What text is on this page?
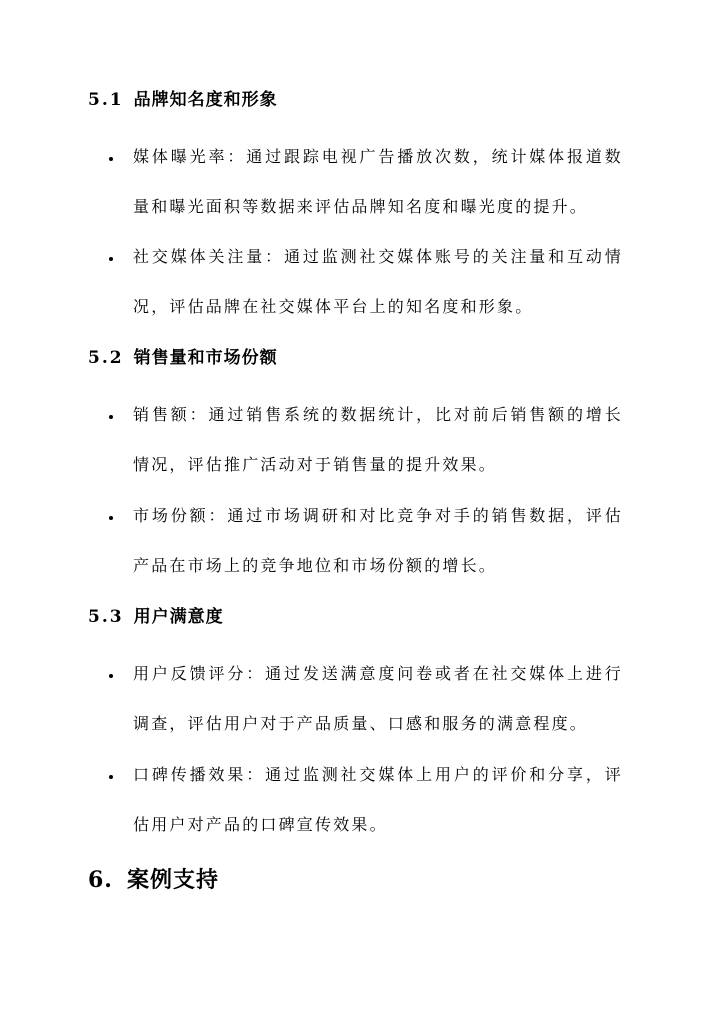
5.1 品牌知名度和形象
媒体曝光率：通过跟踪电视广告播放次数，统计媒体报道数量和曝光面积等数据来评估品牌知名度和曝光度的提升。
社交媒体关注量：通过监测社交媒体账号的关注量和互动情况，评估品牌在社交媒体平台上的知名度和形象。
5.2 销售量和市场份额
销售额：通过销售系统的数据统计，比对前后销售额的增长情况，评估推广活动对于销售量的提升效果。
市场份额：通过市场调研和对比竞争对手的销售数据，评估产品在市场上的竞争地位和市场份额的增长。
5.3 用户满意度
用户反馈评分：通过发送满意度问卷或者在社交媒体上进行调查，评估用户对于产品质量、口感和服务的满意程度。
口碑传播效果：通过监测社交媒体上用户的评价和分享，评估用户对产品的口碑宣传效果。
6. 案例支持
